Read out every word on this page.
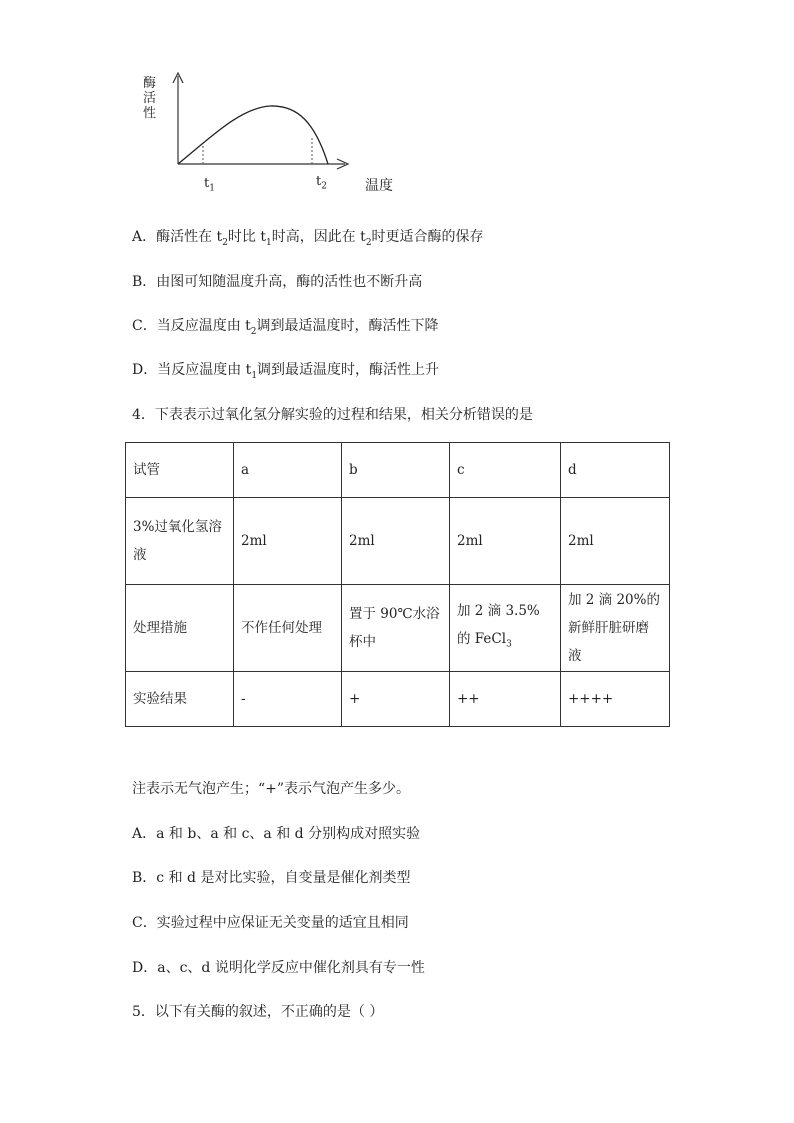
酶活性
$t_1$	$t_2$	温度
A．酶活性在 $t_2$时比 $t_1$时高，因此在 $t_2$时更适合酶的保存
B．由图可知随温度升高，酶的活性也不断升高
C．当反应温度由 $t_2$调到最适温度时，酶活性下降
D．当反应温度由 $t_1$调到最适温度时，酶活性上升
4．下表表示过氧化氢分解实验的过程和结果，相关分析错误的是
试管	a	b	c	d
3%过氧化氢溶液	2ml	2ml	2ml	2ml
处理措施	不作任何处理	置于 90℃水浴杯中	加 2 滴 3.5%的 FeCl$_3$	加 2 滴 20%的新鲜肝脏研磨液
实验结果	-	+	++	++++
注表示无气泡产生；“+”表示气泡产生多少。
A．a 和 b、a 和 c、a 和 d 分别构成对照实验
B．c 和 d 是对比实验，自变量是催化剂类型
C．实验过程中应保证无关变量的适宜且相同
D．a、c、d 说明化学反应中催化剂具有专一性
5．以下有关酶的叙述，不正确的是（ ）
